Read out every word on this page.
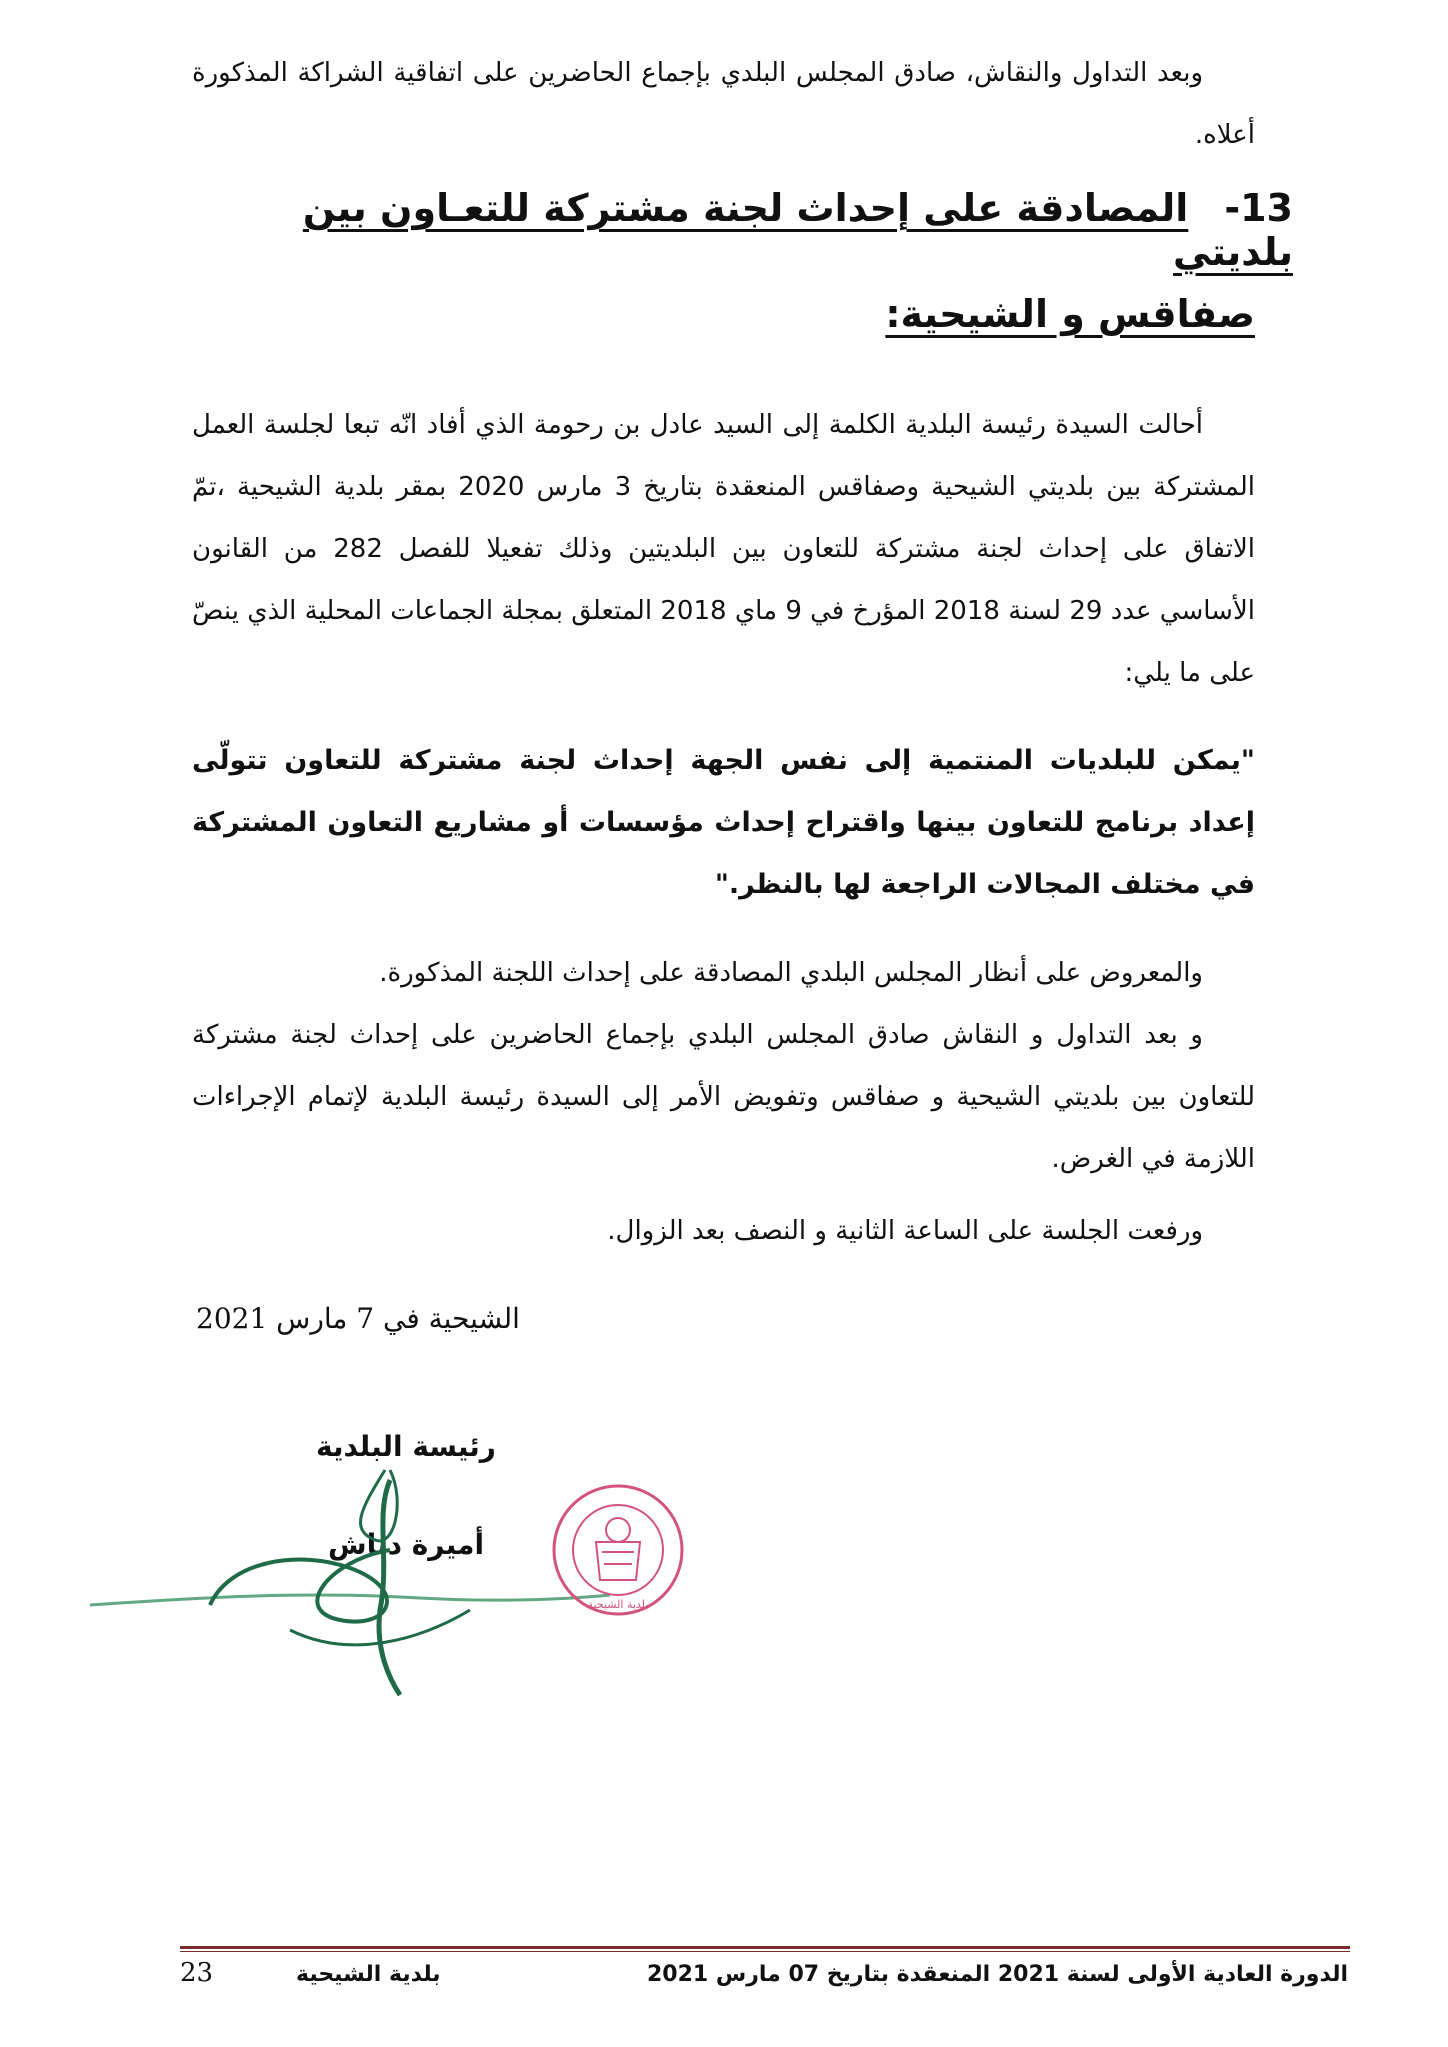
وبعد التداول والنقاش، صادق المجلس البلدي بإجماع الحاضرين على اتفاقية الشراكة المذكورة أعلاه.

13-المصادقة على إحداث لجنة مشتركة للتعـاون بين بلديتي
صفاقس و الشيحية:

أحالت السيدة رئيسة البلدية الكلمة إلى السيد عادل بن رحومة الذي أفاد انّه تبعا لجلسة العمل المشتركة بين بلديتي الشيحية وصفاقس المنعقدة بتاريخ 3 مارس 2020 بمقر بلدية الشيحية ،تمّ الاتفاق على إحداث لجنة مشتركة للتعاون بين البلديتين وذلك تفعيلا للفصل 282 من القانون الأساسي عدد 29 لسنة 2018 المؤرخ في 9 ماي 2018 المتعلق بمجلة الجماعات المحلية الذي ينصّ على ما يلي:

"يمكن للبلديات المنتمية إلى نفس الجهة إحداث لجنة مشتركة للتعاون تتولّى إعداد برنامج للتعاون بينها واقتراح إحداث مؤسسات أو مشاريع التعاون المشتركة في مختلف المجالات الراجعة لها بالنظر."

والمعروض على أنظار المجلس البلدي المصادقة على إحداث اللجنة المذكورة.

و بعد التداول و النقاش صادق المجلس البلدي بإجماع الحاضرين على إحداث لجنة مشتركة للتعاون بين بلديتي الشيحية و صفاقس وتفويض الأمر إلى السيدة رئيسة البلدية لإتمام الإجراءات اللازمة في الغرض.

ورفعت الجلسة على الساعة الثانية و النصف بعد الزوال.

الشيحية في 7 مارس 2021
رئيسة البلدية
أميرة دباش
بلدية الشيحية
الدورة العادية الأولى لسنة 2021 المنعقدة بتاريخ 07 مارس 2021
بلدية الشيحية
23
